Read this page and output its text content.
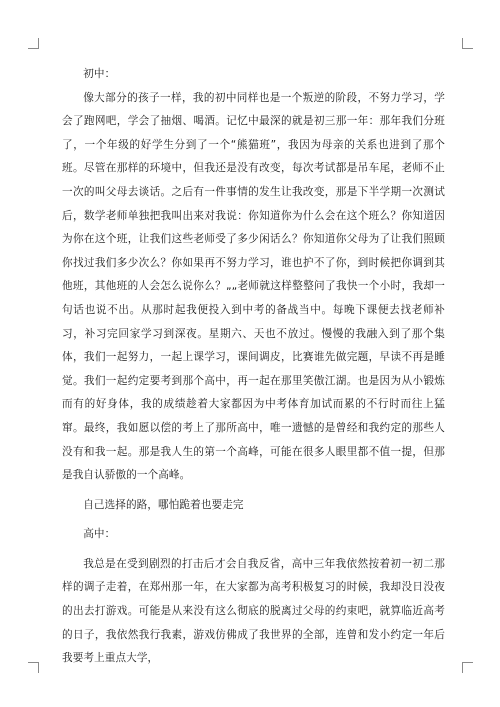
初中：

像大部分的孩子一样，我的初中同样也是一个叛逆的阶段，不努力学习，学会了跑网吧，学会了抽烟、喝酒。记忆中最深的就是初三那一年：那年我们分班了，一个年级的好学生分到了一个“熊猫班”，我因为母亲的关系也进到了那个班。尽管在那样的环境中，但我还是没有改变，每次考试都是吊车尾，老师不止一次的叫父母去谈话。之后有一件事情的发生让我改变，那是下半学期一次测试后，数学老师单独把我叫出来对我说：你知道你为什么会在这个班么？你知道因为你在这个班，让我们这些老师受了多少闲话么？你知道你父母为了让我们照顾你找过我们多少次么？你如果再不努力学习，谁也护不了你，到时候把你调到其他班，其他班的人会怎么说你么？„„老师就这样整整问了我快一个小时，我却一句话也说不出。从那时起我便投入到中考的备战当中。每晚下课便去找老师补习，补习完回家学习到深夜。星期六、天也不放过。慢慢的我融入到了那个集体，我们一起努力，一起上课学习，课间调皮，比赛谁先做完题，早读不再是睡觉。我们一起约定要考到那个高中，再一起在那里笑傲江湖。也是因为从小锻炼而有的好身体，我的成绩趁着大家都因为中考体育加试而累的不行时而往上猛窜。最终，我如愿以偿的考上了那所高中，唯一遗憾的是曾经和我约定的那些人没有和我一起。那是我人生的第一个高峰，可能在很多人眼里都不值一提，但那是我自认骄傲的一个高峰。

自己选择的路，哪怕跪着也要走完

高中：

我总是在受到剧烈的打击后才会自我反省，高中三年我依然按着初一初二那样的调子走着，在郑州那一年，在大家都为高考积极复习的时候，我却没日没夜的出去打游戏。可能是从来没有这么彻底的脱离过父母的约束吧，就算临近高考的日子，我依然我行我素，游戏仿佛成了我世界的全部，连曾和发小约定一年后我要考上重点大学，
